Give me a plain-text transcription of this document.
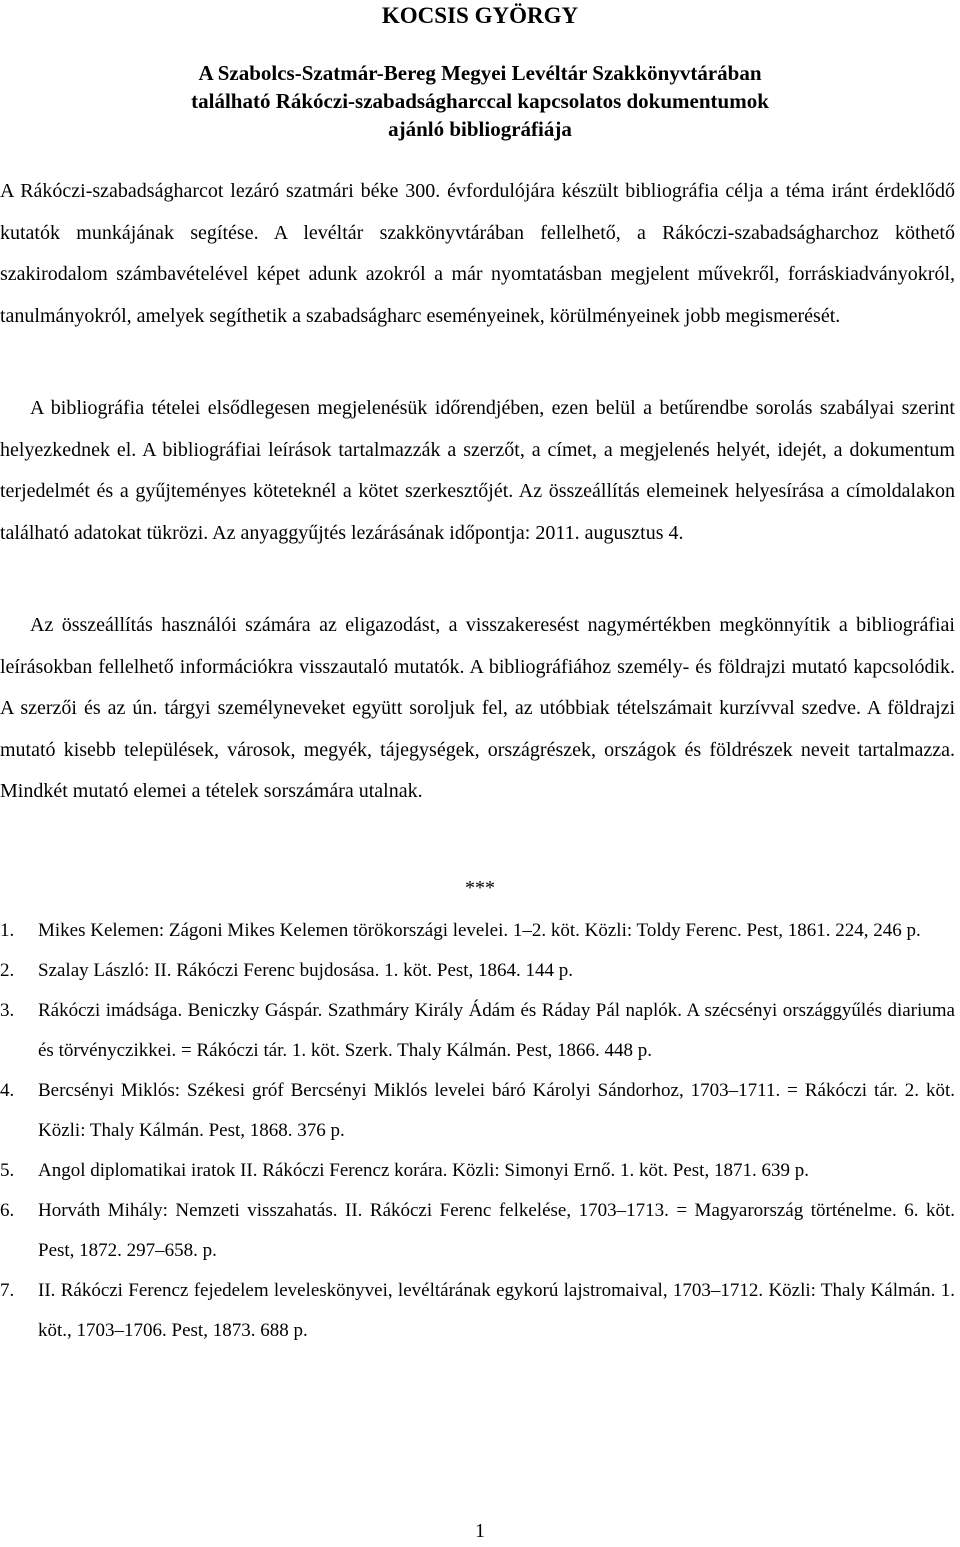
KOCSIS GYÖRGY
A Szabolcs-Szatmár-Bereg Megyei Levéltár Szakkönyvtárában
található Rákóczi-szabadságharccal kapcsolatos dokumentumok
ajánló bibliográfiája

A Rákóczi-szabadságharcot lezáró szatmári béke 300. évfordulójára készült bibliográfia célja a téma iránt érdeklődő kutatók munkájának segítése. A levéltár szakkönyvtárában fellelhető, a Rákóczi-szabadságharchoz köthető szakirodalom számbavételével képet adunk azokról a már nyomtatásban megjelent művekről, forráskiadványokról, tanulmányokról, amelyek segíthetik a szabadságharc eseményeinek, körülményeinek jobb megismerését.

A bibliográfia tételei elsődlegesen megjelenésük időrendjében, ezen belül a betűrendbe sorolás szabályai szerint helyezkednek el. A bibliográfiai leírások tartalmazzák a szerzőt, a címet, a megjelenés helyét, idejét, a dokumentum terjedelmét és a gyűjteményes köteteknél a kötet szerkesztőjét. Az összeállítás elemeinek helyesírása a címoldalakon található adatokat tükrözi. Az anyaggyűjtés lezárásának időpontja: 2011. augusztus 4.

Az összeállítás használói számára az eligazodást, a visszakeresést nagymértékben megkönnyítik a bibliográfiai leírásokban fellelhető információkra visszautaló mutatók. A bibliográfiához személy- és földrajzi mutató kapcsolódik. A szerzői és az ún. tárgyi személyneveket együtt soroljuk fel, az utóbbiak tételszámait kurzívval szedve. A földrajzi mutató kisebb települések, városok, megyék, tájegységek, országrészek, országok és földrészek neveit tartalmazza. Mindkét mutató elemei a tételek sorszámára utalnak.

***
1. Mikes Kelemen: Zágoni Mikes Kelemen törökországi levelei. 1–2. köt. Közli: Toldy Ferenc. Pest, 1861. 224, 246 p.
2. Szalay László: II. Rákóczi Ferenc bujdosása. 1. köt. Pest, 1864. 144 p.
3. Rákóczi imádsága. Beniczky Gáspár. Szathmáry Király Ádám és Ráday Pál naplók. A szécsényi országgyűlés diariuma és törvényczikkei. = Rákóczi tár. 1. köt. Szerk. Thaly Kálmán. Pest, 1866. 448 p.
4. Bercsényi Miklós: Székesi gróf Bercsényi Miklós levelei báró Károlyi Sándorhoz, 1703–1711. = Rákóczi tár. 2. köt. Közli: Thaly Kálmán. Pest, 1868. 376 p.
5. Angol diplomatikai iratok II. Rákóczi Ferencz korára. Közli: Simonyi Ernő. 1. köt. Pest, 1871. 639 p.
6. Horváth Mihály: Nemzeti visszahatás. II. Rákóczi Ferenc felkelése, 1703–1713. = Magyarország történelme. 6. köt. Pest, 1872. 297–658. p.
7. II. Rákóczi Ferencz fejedelem leveleskönyvei, levéltárának egykorú lajstromaival, 1703–1712. Közli: Thaly Kálmán. 1. köt., 1703–1706. Pest, 1873. 688 p.
1
